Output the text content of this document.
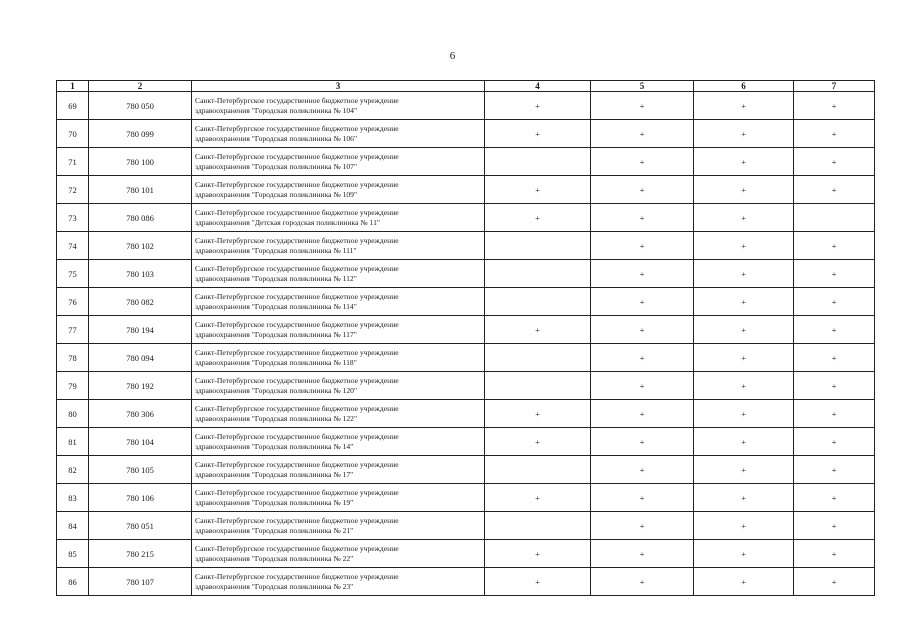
6
1	2	3	4	5	6	7
69	780 050	Санкт-Петербургское государственное бюджетное учреждение
здравоохранения "Городская поликлиника № 104"	+	+	+	+
70	780 099	Санкт-Петербургское государственное бюджетное учреждение
здравоохранения "Городская поликлиника № 106"	+	+	+	+
71	780 100	Санкт-Петербургское государственное бюджетное учреждение
здравоохранения "Городская поликлиника № 107"		+	+	+
72	780 101	Санкт-Петербургское государственное бюджетное учреждение
здравоохранения "Городская поликлиника № 109"	+	+	+	+
73	780 086	Санкт-Петербургское государственное бюджетное учреждение
здравоохранения "Детская городская поликлиника № 11"	+	+	+	
74	780 102	Санкт-Петербургское государственное бюджетное учреждение
здравоохранения "Городская поликлиника № 111"		+	+	+
75	780 103	Санкт-Петербургское государственное бюджетное учреждение
здравоохранения "Городская поликлиника № 112"		+	+	+
76	780 082	Санкт-Петербургское государственное бюджетное учреждение
здравоохранения "Городская поликлиника № 114"		+	+	+
77	780 194	Санкт-Петербургское государственное бюджетное учреждение
здравоохранения "Городская поликлиника № 117"	+	+	+	+
78	780 094	Санкт-Петербургское государственное бюджетное учреждение
здравоохранения "Городская поликлиника № 118"		+	+	+
79	780 192	Санкт-Петербургское государственное бюджетное учреждение
здравоохранения "Городская поликлиника № 120"		+	+	+
80	780 306	Санкт-Петербургское государственное бюджетное учреждение
здравоохранения "Городская поликлиника № 122"	+	+	+	+
81	780 104	Санкт-Петербургское государственное бюджетное учреждение
здравоохранения "Городская поликлиника № 14"	+	+	+	+
82	780 105	Санкт-Петербургское государственное бюджетное учреждение
здравоохранения "Городская поликлиника № 17"		+	+	+
83	780 106	Санкт-Петербургское государственное бюджетное учреждение
здравоохранения "Городская поликлиника № 19"	+	+	+	+
84	780 051	Санкт-Петербургское государственное бюджетное учреждение
здравоохранения "Городская поликлиника № 21"		+	+	+
85	780 215	Санкт-Петербургское государственное бюджетное учреждение
здравоохранения "Городская поликлиника № 22"	+	+	+	+
86	780 107	Санкт-Петербургское государственное бюджетное учреждение
здравоохранения "Городская поликлиника № 23"	+	+	+	+
